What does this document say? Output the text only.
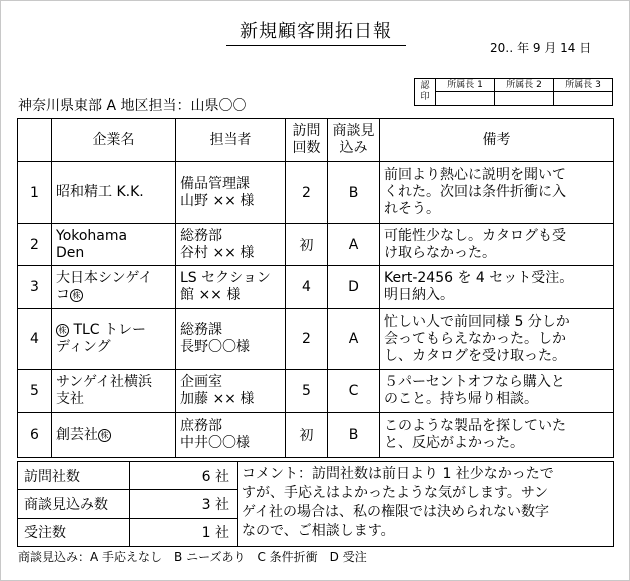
新規顧客開拓日報
20‥ 年 9 月 14 日
認
印	所属長 1	所属長 2	所属長 3

神奈川県東部 A 地区担当：山県〇〇
	企業名	担当者	訪問
回数	商談見
込み	備考
1	昭和精工 K.K.	備品管理課
山野 ×× 様	2	B	前回より熱心に説明を聞いて
くれた。次回は条件折衝に入
れそう。
2	Yokohama
Den	総務部
谷村 ×× 様	初	A	可能性少なし。カタログも受
け取らなかった。
3	大日本シンゲイ
コ 株	LS セクション
館 ×× 様	4	D	Kert-2456 を 4 セット受注。
明日納入。
4	株 TLC トレー
ディング	総務課
長野〇〇様	2	A	忙しい人で前回同様 5 分しか
会ってもらえなかった。しか
し、カタログを受け取った。
5	サンゲイ社横浜
支社	企画室
加藤 ×× 様	5	C	５パーセントオフなら購入と
のこと。持ち帰り相談。
6	創芸社 株	庶務部
中井〇〇様	初	B	このような製品を探していた
と、反応がよかった。
訪問社数	6 社	コメント：訪問社数は前日より 1 社少なかったで
すが、手応えはよかったような気がします。サン
ゲイ社の場合は、私の権限では決められない数字
なので、ご相談します。
商談見込み数	3 社	
受注数	1 社	
商談見込み：A 手応えなし　B ニーズあり　C 条件折衝　D 受注
